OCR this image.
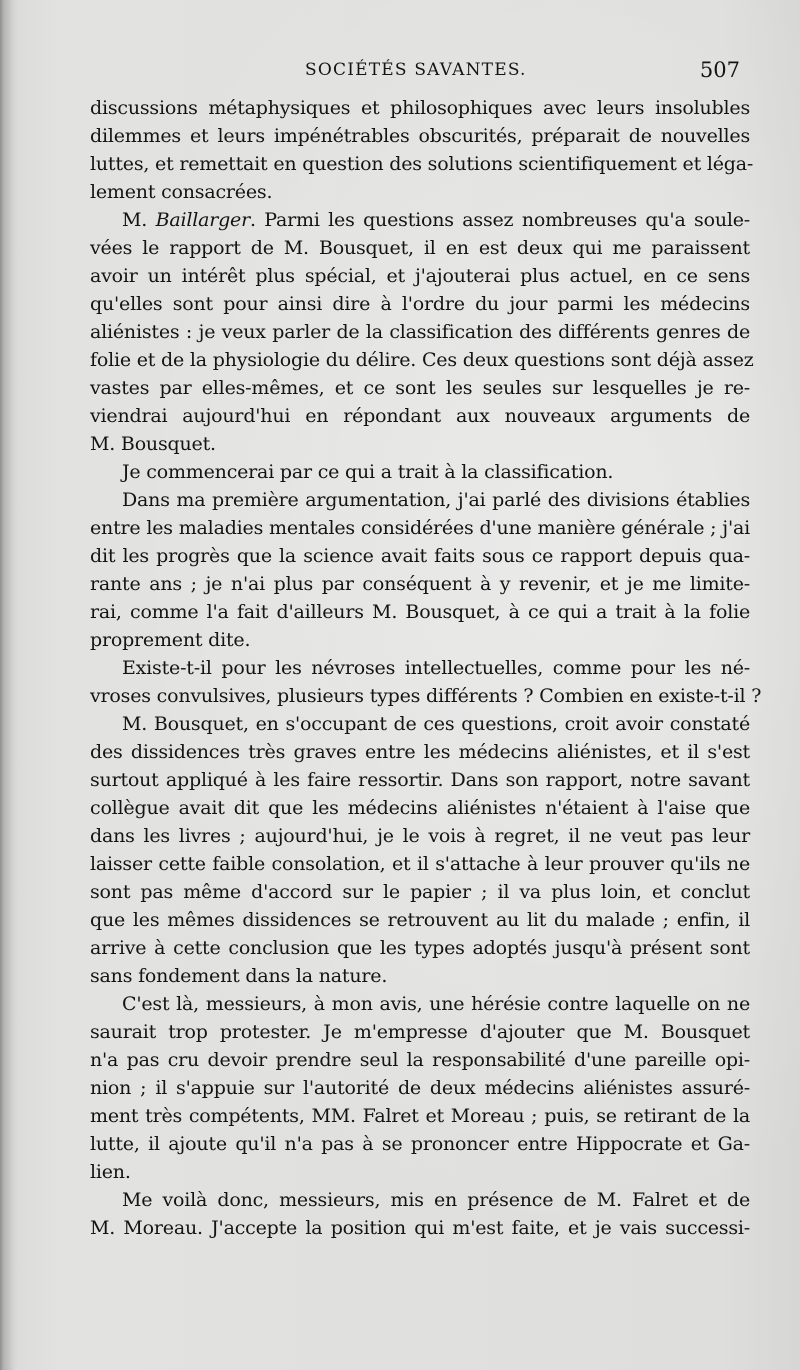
SOCIÉTÉS SAVANTES.	507
discussions métaphysiques et philosophiques avec leurs insolubles
dilemmes et leurs impénétrables obscurités, préparait de nouvelles
luttes, et remettait en question des solutions scientifiquement et léga-
lement consacrées.
M. Baillarger. Parmi les questions assez nombreuses qu'a soule-
vées le rapport de M. Bousquet, il en est deux qui me paraissent
avoir un intérêt plus spécial, et j'ajouterai plus actuel, en ce sens
qu'elles sont pour ainsi dire à l'ordre du jour parmi les médecins
aliénistes : je veux parler de la classification des différents genres de
folie et de la physiologie du délire. Ces deux questions sont déjà assez
vastes par elles-mêmes, et ce sont les seules sur lesquelles je re-
viendrai aujourd'hui en répondant aux nouveaux arguments de
M. Bousquet.
Je commencerai par ce qui a trait à la classification.
Dans ma première argumentation, j'ai parlé des divisions établies
entre les maladies mentales considérées d'une manière générale ; j'ai
dit les progrès que la science avait faits sous ce rapport depuis qua-
rante ans ; je n'ai plus par conséquent à y revenir, et je me limite-
rai, comme l'a fait d'ailleurs M. Bousquet, à ce qui a trait à la folie
proprement dite.
Existe-t-il pour les névroses intellectuelles, comme pour les né-
vroses convulsives, plusieurs types différents ? Combien en existe-t-il ?
M. Bousquet, en s'occupant de ces questions, croit avoir constaté
des dissidences très graves entre les médecins aliénistes, et il s'est
surtout appliqué à les faire ressortir. Dans son rapport, notre savant
collègue avait dit que les médecins aliénistes n'étaient à l'aise que
dans les livres ; aujourd'hui, je le vois à regret, il ne veut pas leur
laisser cette faible consolation, et il s'attache à leur prouver qu'ils ne
sont pas même d'accord sur le papier ; il va plus loin, et conclut
que les mêmes dissidences se retrouvent au lit du malade ; enfin, il
arrive à cette conclusion que les types adoptés jusqu'à présent sont
sans fondement dans la nature.
C'est là, messieurs, à mon avis, une hérésie contre laquelle on ne
saurait trop protester. Je m'empresse d'ajouter que M. Bousquet
n'a pas cru devoir prendre seul la responsabilité d'une pareille opi-
nion ; il s'appuie sur l'autorité de deux médecins aliénistes assuré-
ment très compétents, MM. Falret et Moreau ; puis, se retirant de la
lutte, il ajoute qu'il n'a pas à se prononcer entre Hippocrate et Ga-
lien.
Me voilà donc, messieurs, mis en présence de M. Falret et de
M. Moreau. J'accepte la position qui m'est faite, et je vais successi-
